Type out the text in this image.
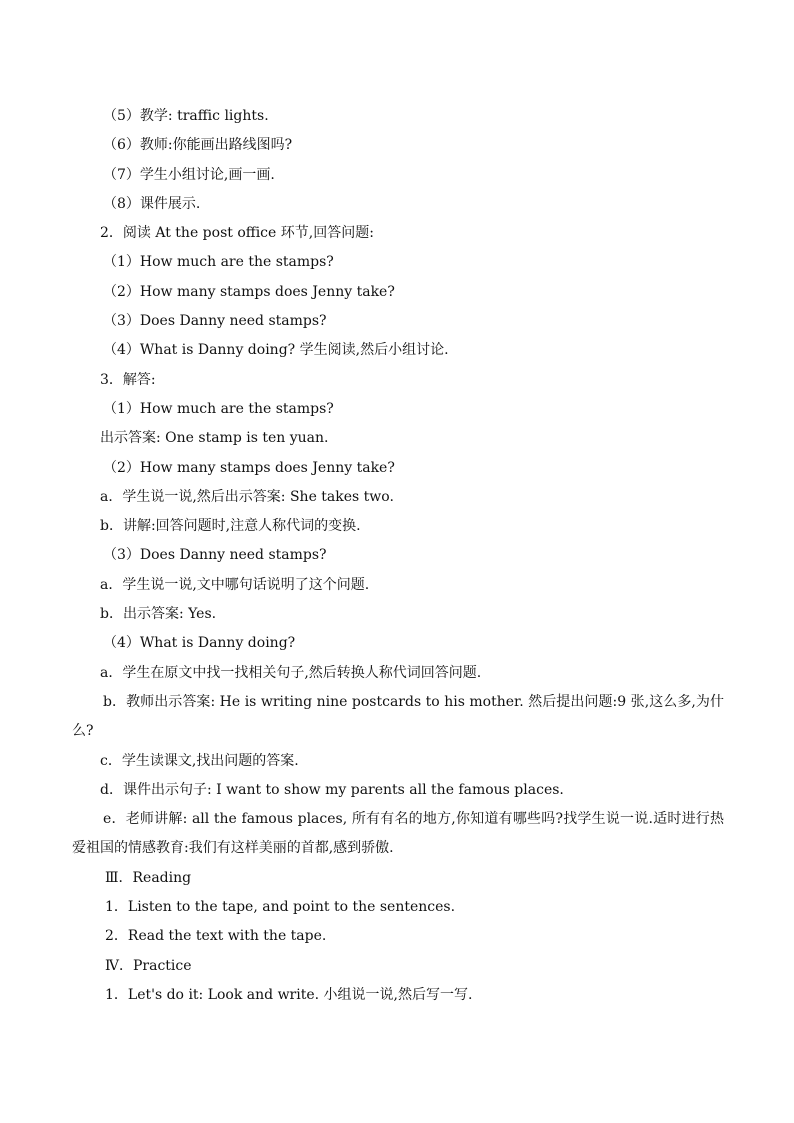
（5）教学: traffic lights.
（6）教师:你能画出路线图吗?
（7）学生小组讨论,画一画.
（8）课件展示.
2．阅读 At the post office 环节,回答问题:
（1）How much are the stamps?
（2）How many stamps does Jenny take?
（3）Does Danny need stamps?
（4）What is Danny doing? 学生阅读,然后小组讨论.
3．解答:
（1）How much are the stamps?
出示答案: One stamp is ten yuan.
（2）How many stamps does Jenny take?
a．学生说一说,然后出示答案: She takes two.
b．讲解:回答问题时,注意人称代词的变换.
（3）Does Danny need stamps?
a．学生说一说,文中哪句话说明了这个问题.
b．出示答案: Yes.
（4）What is Danny doing?
a．学生在原文中找一找相关句子,然后转换人称代词回答问题.
b．教师出示答案: He is writing nine postcards to his mother. 然后提出问题:9 张,这么多,为什么?
c．学生读课文,找出问题的答案.
d．课件出示句子: I want to show my parents all the famous places.
e．老师讲解: all the famous places, 所有有名的地方,你知道有哪些吗?找学生说一说.适时进行热爱祖国的情感教育:我们有这样美丽的首都,感到骄傲.
Ⅲ．Reading
1．Listen to the tape, and point to the sentences.
2．Read the text with the tape.
Ⅳ．Practice
1．Let's do it: Look and write. 小组说一说,然后写一写.
